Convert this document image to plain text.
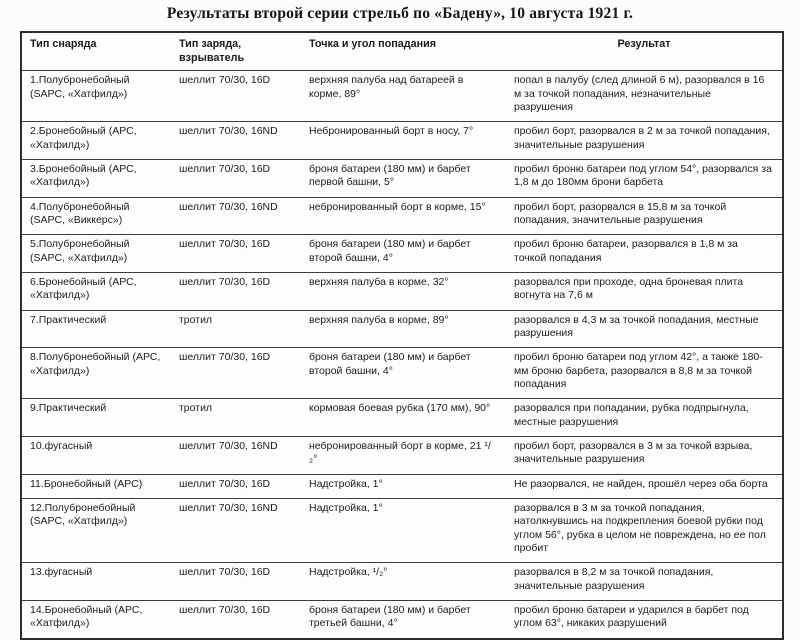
Результаты второй серии стрельб по «Бадену», 10 августа 1921 г.
Тип снаряда	Тип заряда, взрыватель	Точка и угол попадания	Результат
1.Полубронебойный (SAPC, «Хатфилд»)	шеллит 70/30, 16D	верхняя палуба над батареей в корме, 89°	попал в палубу (след длиной 6 м), разорвался в 16 м за точкой попадания, незначительные разрушения
2.Бронебойный (АРС, «Хатфилд»)	шеллит 70/30, 16ND	Небронированный борт в носу, 7°	пробил борт, разорвался в 2 м за точкой попадания, значительные разрушения
3.Бронебойный (АРС, «Хатфилд»)	шеллит 70/30, 16D	броня батареи (180 мм) и барбет первой башни, 5°	пробил броню батареи под углом 54°, разорвался за 1,8 м до 180мм брони барбета
4.Полубронебойный (SAPC, «Виккерс»)	шеллит 70/30, 16ND	небронированный борт в корме, 15°	пробил борт, разорвался в 15,8 м за точкой попадания, значительные разрушения
5.Полубронебойный (SAPC, «Хатфилд»)	шеллит 70/30, 16D	броня батареи (180 мм) и барбет второй башни, 4°	пробил броню батареи, разорвался в 1,8 м за точкой попадания
6.Бронебойный (АРС, «Хатфилд»)	шеллит 70/30, 16D	верхняя палуба в корме, 32°	разорвался при проходе, одна броневая плита вогнута на 7,6 м
7.Практический	тротил	верхняя палуба в корме, 89°	разорвался в 4,3 м за точкой попадания, местные разрушения
8.Полубронебойный (АРС, «Хатфилд»)	шеллит 70/30, 16D	броня батареи (180 мм) и барбет второй башни, 4°	пробил броню батареи под углом 42°, а также 180-мм броню барбета, разорвался в 8,8 м за точкой попадания
9.Практический	тротил	кормовая боевая рубка (170 мм), 90°	разорвался при попадании, рубка подпрыгнула, местные разрушения
10.фугасный	шеллит 70/30, 16ND	небронированный борт в корме, 21 ¹/₂°	пробил борт, разорвался в 3 м за точкой взрыва, значительные разрушения
11.Бронебойный (АРС)	шеллит 70/30, 16D	Надстройка, 1°	Не разорвался, не найден, прошёл через оба борта
12.Полубронебойный (SAPC, «Хатфилд»)	шеллит 70/30, 16ND	Надстройка, 1°	разорвался в 3 м за точкой попадания, натолкнувшись на подкрепления боевой рубки под углом 56°, рубка в целом не повреждена, но ее пол пробит
13.фугасный	шеллит 70/30, 16D	Надстройка, ¹/₂°	разорвался в 8,2 м за точкой попадания, значительные разрушения
14.Бронебойный (АРС, «Хатфилд»)	шеллит 70/30, 16D	броня батареи (180 мм) и барбет третьей башни, 4°	пробил броню батареи и ударился в барбет под углом 63°, никаких разрушений
